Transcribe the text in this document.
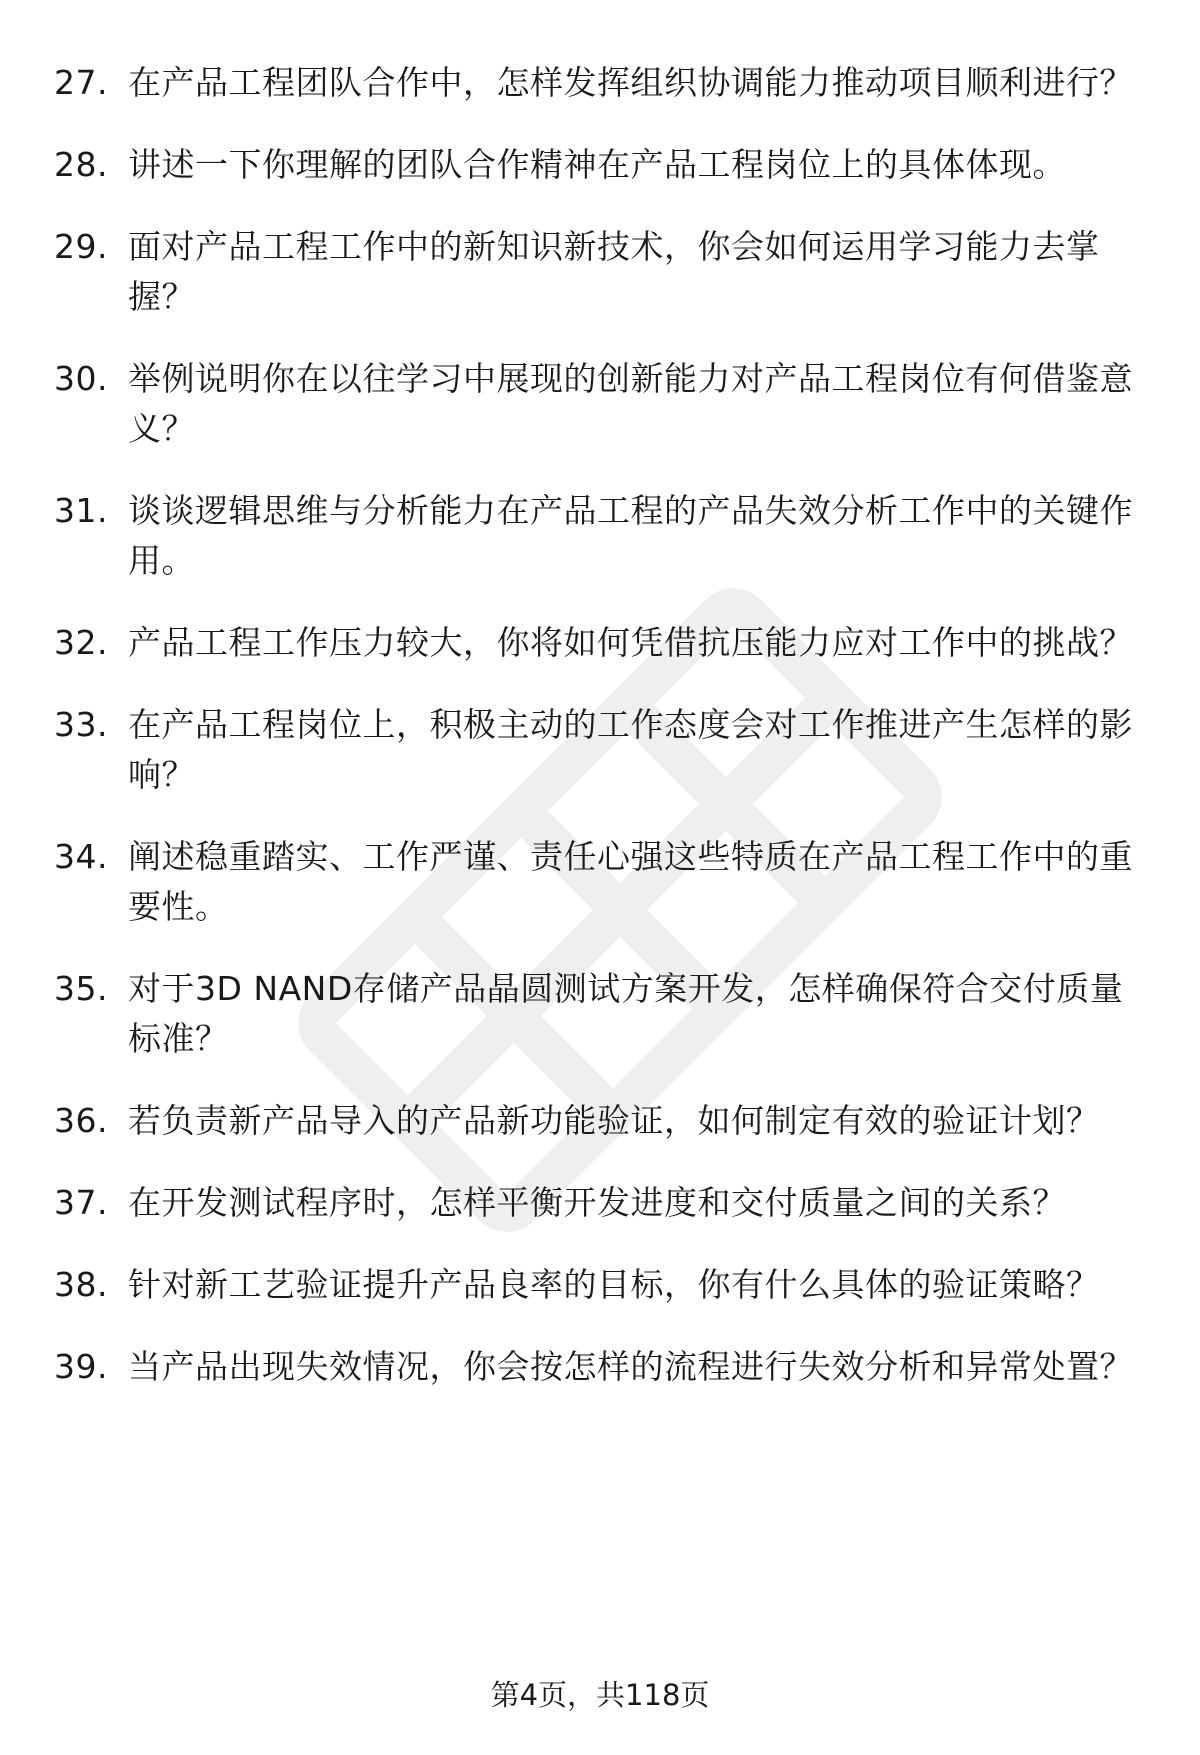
27. 在产品工程团队合作中，怎样发挥组织协调能力推动项目顺利进行？
28. 讲述一下你理解的团队合作精神在产品工程岗位上的具体体现。
29. 面对产品工程工作中的新知识新技术，你会如何运用学习能力去掌握？
30. 举例说明你在以往学习中展现的创新能力对产品工程岗位有何借鉴意义？
31. 谈谈逻辑思维与分析能力在产品工程的产品失效分析工作中的关键作用。
32. 产品工程工作压力较大，你将如何凭借抗压能力应对工作中的挑战？
33. 在产品工程岗位上，积极主动的工作态度会对工作推进产生怎样的影响？
34. 阐述稳重踏实、工作严谨、责任心强这些特质在产品工程工作中的重要性。
35. 对于3D NAND存储产品晶圆测试方案开发，怎样确保符合交付质量标准？
36. 若负责新产品导入的产品新功能验证，如何制定有效的验证计划？
37. 在开发测试程序时，怎样平衡开发进度和交付质量之间的关系？
38. 针对新工艺验证提升产品良率的目标，你有什么具体的验证策略？
39. 当产品出现失效情况，你会按怎样的流程进行失效分析和异常处置？
第4页，共118页
